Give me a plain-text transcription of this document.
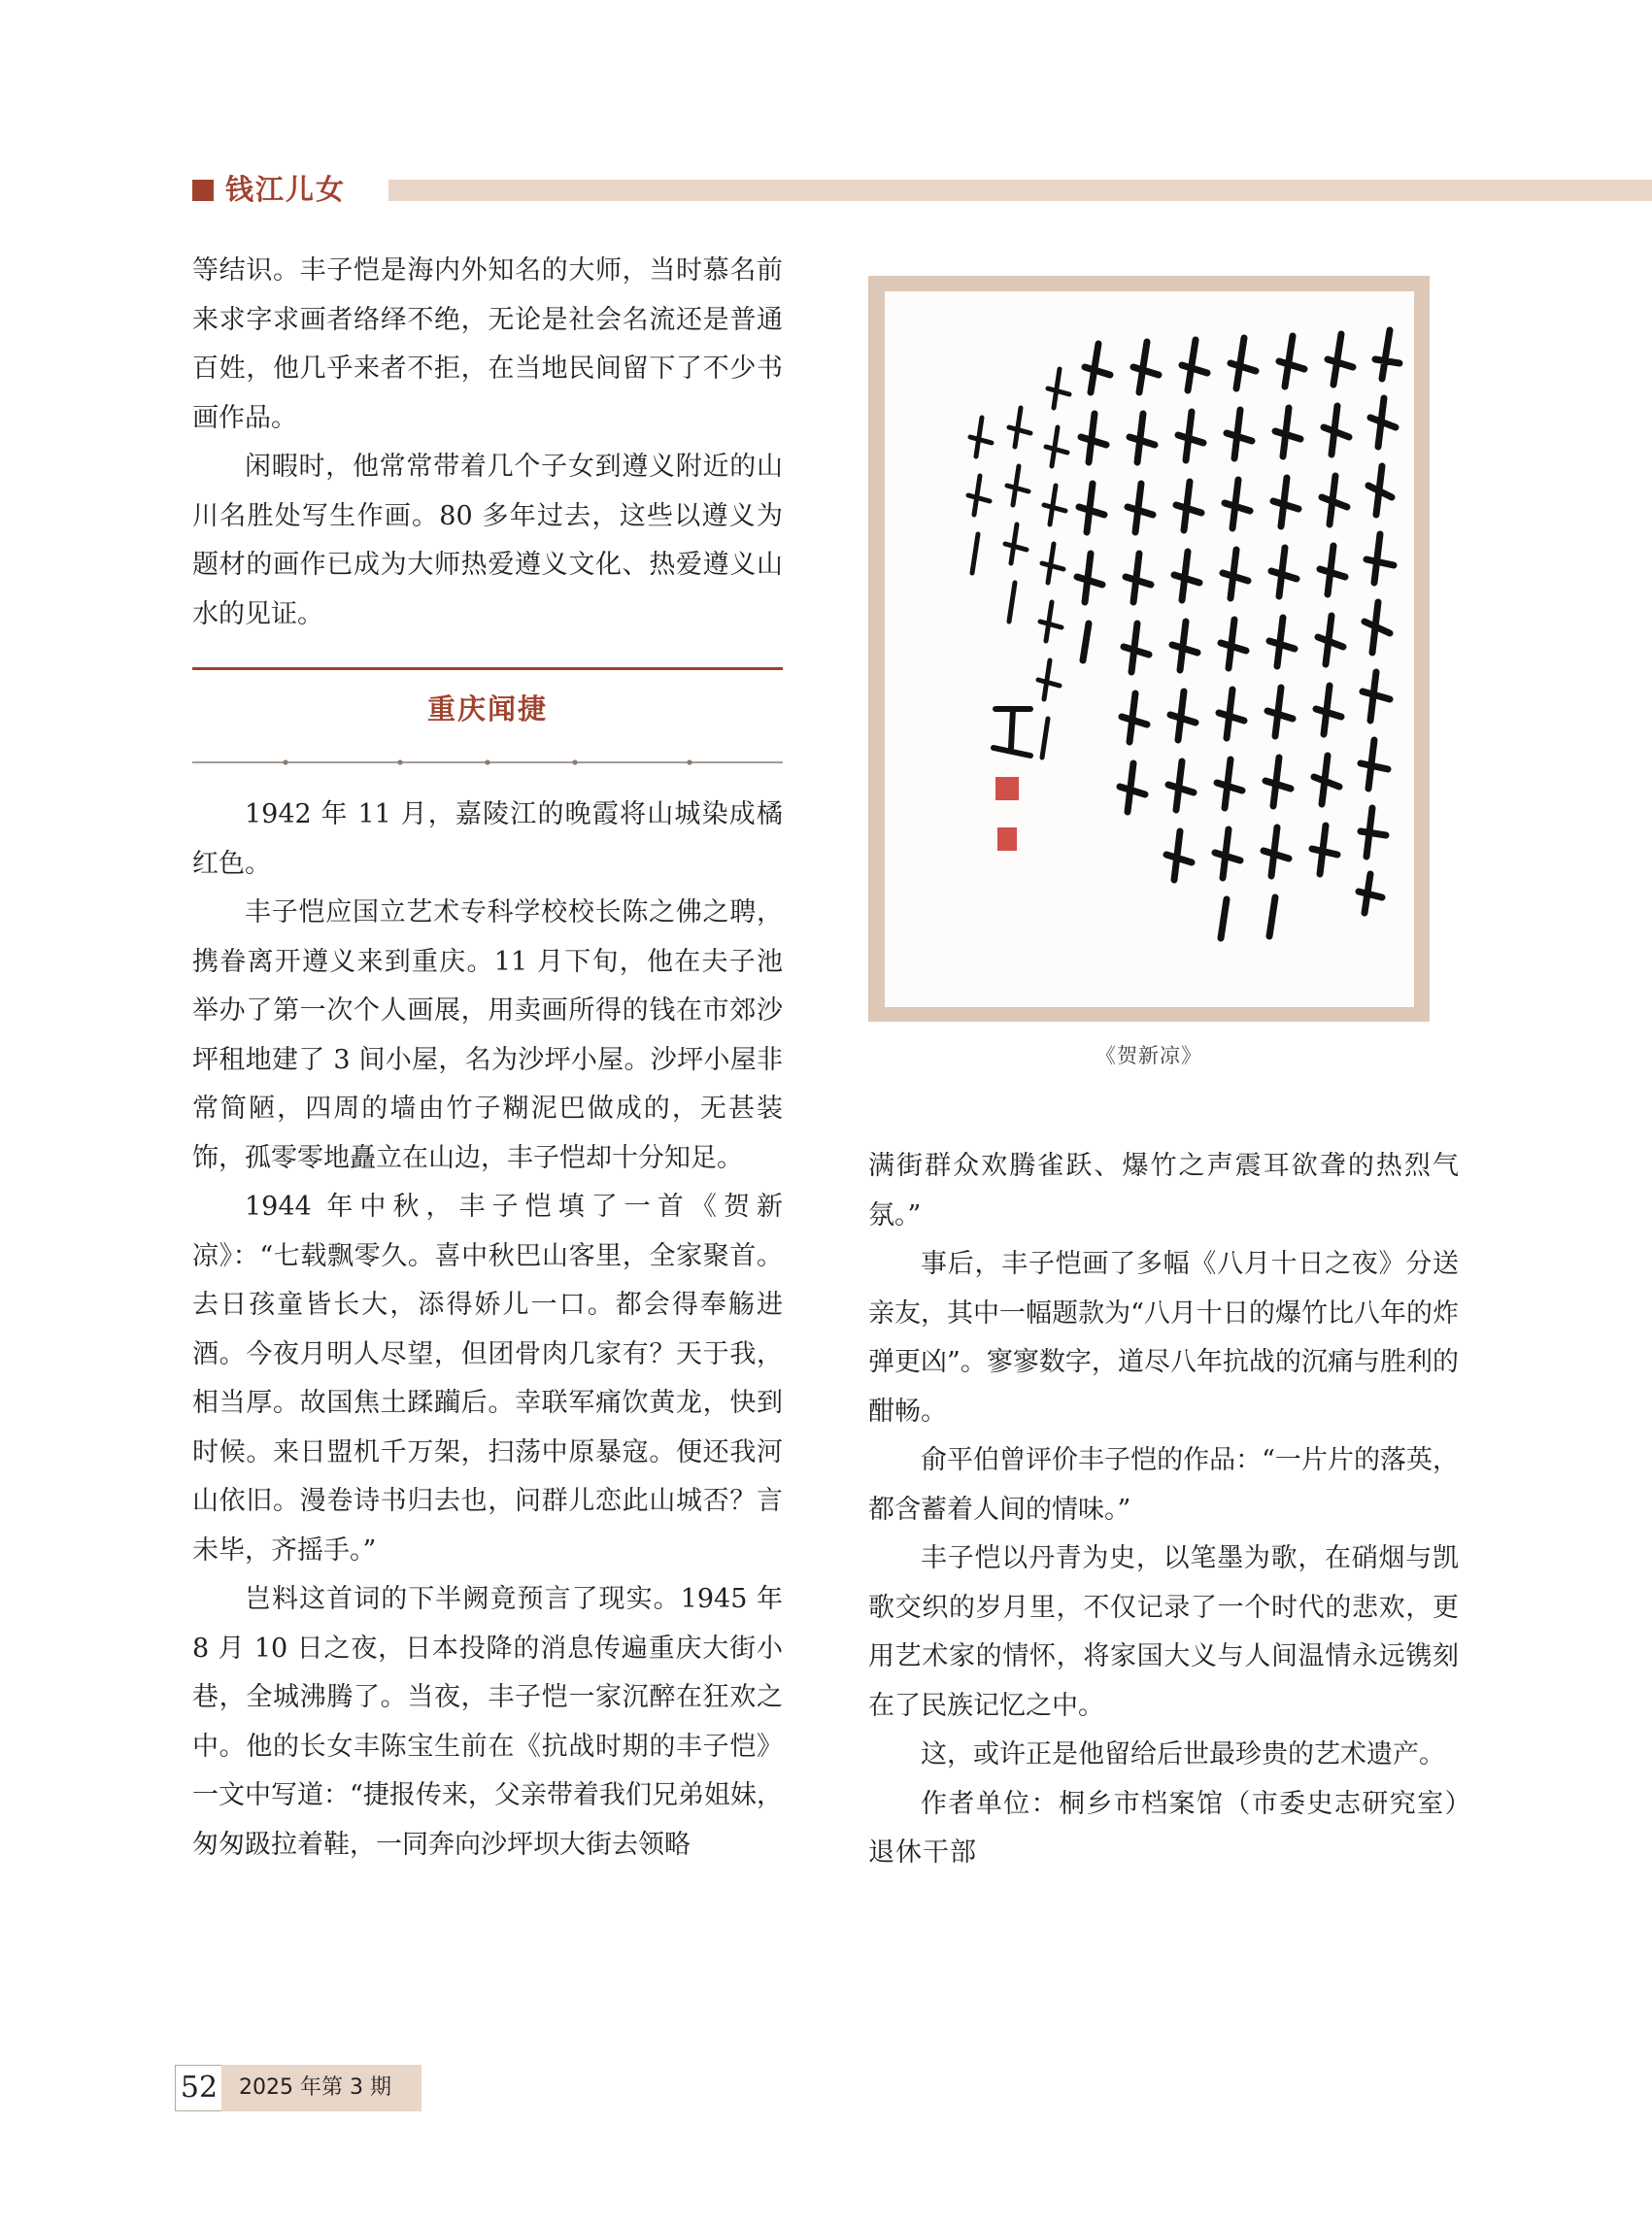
钱江儿女

等结识。丰子恺是海内外知名的大师，当时慕名前来求字求画者络绎不绝，无论是社会名流还是普通百姓，他几乎来者不拒，在当地民间留下了不少书画作品。

闲暇时，他常常带着几个子女到遵义附近的山川名胜处写生作画。80 多年过去，这些以遵义为题材的画作已成为大师热爱遵义文化、热爱遵义山水的见证。

重庆闻捷

1942 年 11 月，嘉陵江的晚霞将山城染成橘红色。

丰子恺应国立艺术专科学校校长陈之佛之聘，携眷离开遵义来到重庆。11 月下旬，他在夫子池举办了第一次个人画展，用卖画所得的钱在市郊沙坪租地建了 3 间小屋，名为沙坪小屋。沙坪小屋非常简陋，四周的墙由竹子糊泥巴做成的，无甚装饰，孤零零地矗立在山边，丰子恺却十分知足。

1944 年中秋，丰子恺填了一首《贺新凉》：“七载飘零久。喜中秋巴山客里，全家聚首。去日孩童皆长大，添得娇儿一口。都会得奉觞进酒。今夜月明人尽望，但团骨肉几家有？天于我，相当厚。故国焦土蹂躏后。幸联军痛饮黄龙，快到时候。来日盟机千万架，扫荡中原暴寇。便还我河山依旧。漫卷诗书归去也，问群儿恋此山城否？言未毕，齐摇手。”

岂料这首词的下半阙竟预言了现实。1945 年 8 月 10 日之夜，日本投降的消息传遍重庆大街小巷，全城沸腾了。当夜，丰子恺一家沉醉在狂欢之中。他的长女丰陈宝生前在《抗战时期的丰子恺》一文中写道：“捷报传来，父亲带着我们兄弟姐妹，匆匆趿拉着鞋，一同奔向沙坪坝大街去领略

《贺新凉》

满街群众欢腾雀跃、爆竹之声震耳欲聋的热烈气氛。”

事后，丰子恺画了多幅《八月十日之夜》分送亲友，其中一幅题款为“八月十日的爆竹比八年的炸弹更凶”。寥寥数字，道尽八年抗战的沉痛与胜利的酣畅。

俞平伯曾评价丰子恺的作品：“一片片的落英，都含蓄着人间的情味。”

丰子恺以丹青为史，以笔墨为歌，在硝烟与凯歌交织的岁月里，不仅记录了一个时代的悲欢，更用艺术家的情怀，将家国大义与人间温情永远镌刻在了民族记忆之中。

这，或许正是他留给后世最珍贵的艺术遗产。

作者单位：桐乡市档案馆（市委史志研究室）退休干部

52 2025 年第 3 期
